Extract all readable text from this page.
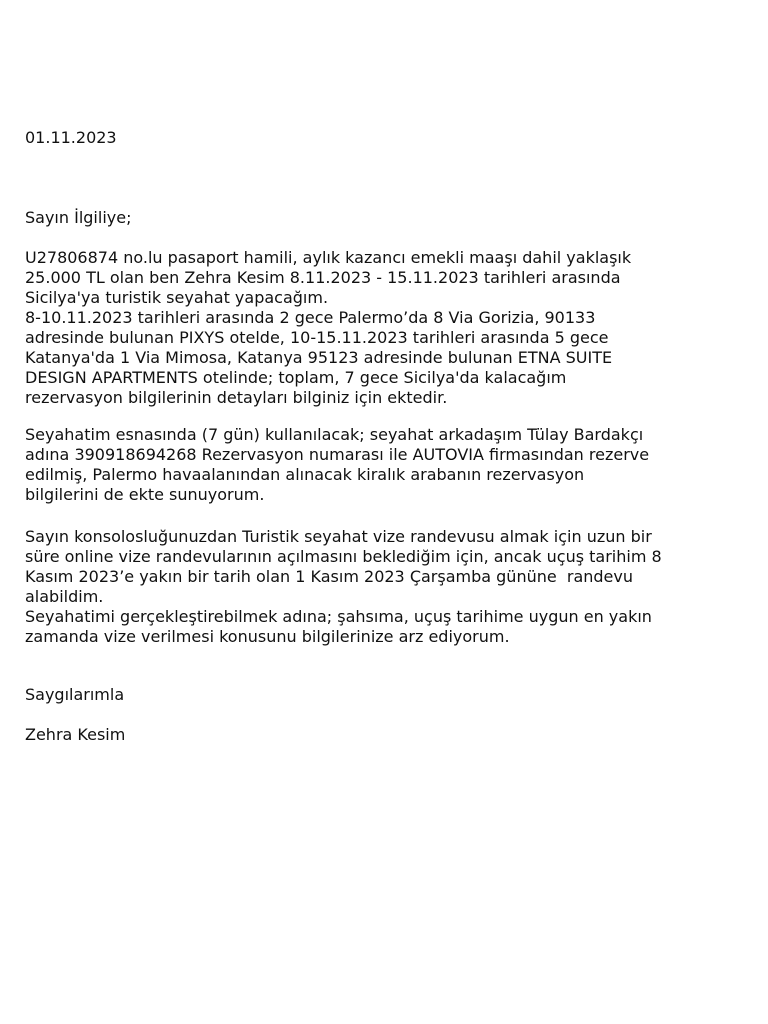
01.11.2023

Sayın İlgiliye;

U27806874 no.lu pasaport hamili, aylık kazancı emekli maaşı dahil yaklaşık
25.000 TL olan ben Zehra Kesim 8.11.2023 - 15.11.2023 tarihleri arasında
Sicilya'ya turistik seyahat yapacağım.
8-10.11.2023 tarihleri arasında 2 gece Palermo’da 8 Via Gorizia, 90133
adresinde bulunan PIXYS otelde, 10-15.11.2023 tarihleri arasında 5 gece
Katanya'da 1 Via Mimosa, Katanya 95123 adresinde bulunan ETNA SUITE
DESIGN APARTMENTS otelinde; toplam, 7 gece Sicilya'da kalacağım
rezervasyon bilgilerinin detayları bilginiz için ektedir.
Seyahatim esnasında (7 gün) kullanılacak; seyahat arkadaşım Tülay Bardakçı
adına 390918694268 Rezervasyon numarası ile AUTOVIA firmasından rezerve
edilmiş, Palermo havaalanından alınacak kiralık arabanın rezervasyon
bilgilerini de ekte sunuyorum.
Sayın konsolosluğunuzdan Turistik seyahat vize randevusu almak için uzun bir
süre online vize randevularının açılmasını beklediğim için, ancak uçuş tarihim 8
Kasım 2023’e yakın bir tarih olan 1 Kasım 2023 Çarşamba gününe  randevu
alabildim.
Seyahatimi gerçekleştirebilmek adına; şahsıma, uçuş tarihime uygun en yakın
zamanda vize verilmesi konusunu bilgilerinize arz ediyorum.

Saygılarımla

Zehra Kesim
